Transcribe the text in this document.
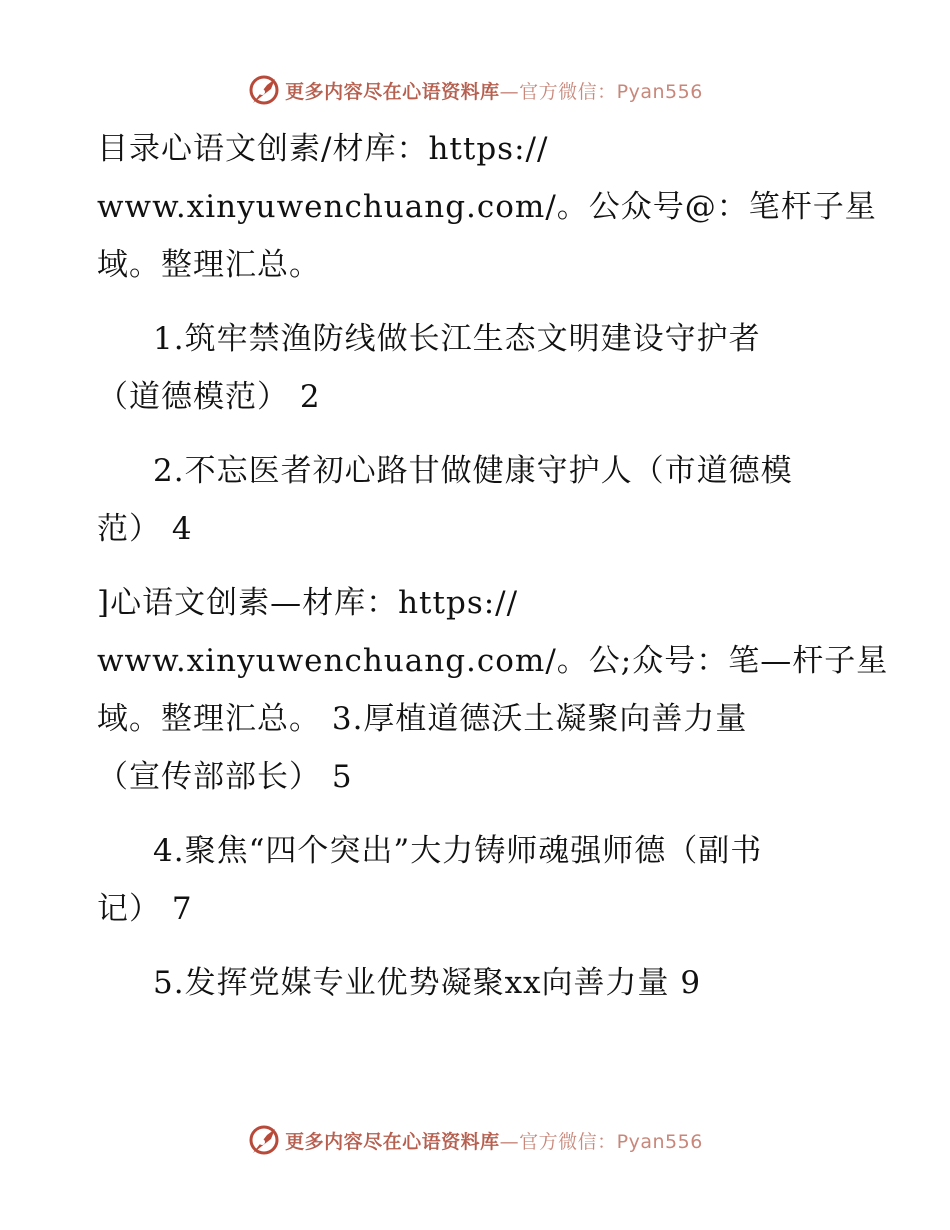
更多内容尽在心语资料库—官方微信：Pyan556
目录心语文创素/材库：https://
www.xinyuwenchuang.com/。公众号@：笔杆子星
域。整理汇总。
1.筑牢禁渔防线做长江生态文明建设守护者
（道德模范） 2
2.不忘医者初心路甘做健康守护人（市道德模
范） 4
]心语文创素—材库：https://
www.xinyuwenchuang.com/。公;众号：笔—杆子星
域。整理汇总。 3.厚植道德沃土凝聚向善力量
（宣传部部长） 5
4.聚焦“四个突出”大力铸师魂强师德（副书
记） 7
5.发挥党媒专业优势凝聚xx向善力量 9
更多内容尽在心语资料库—官方微信：Pyan556
